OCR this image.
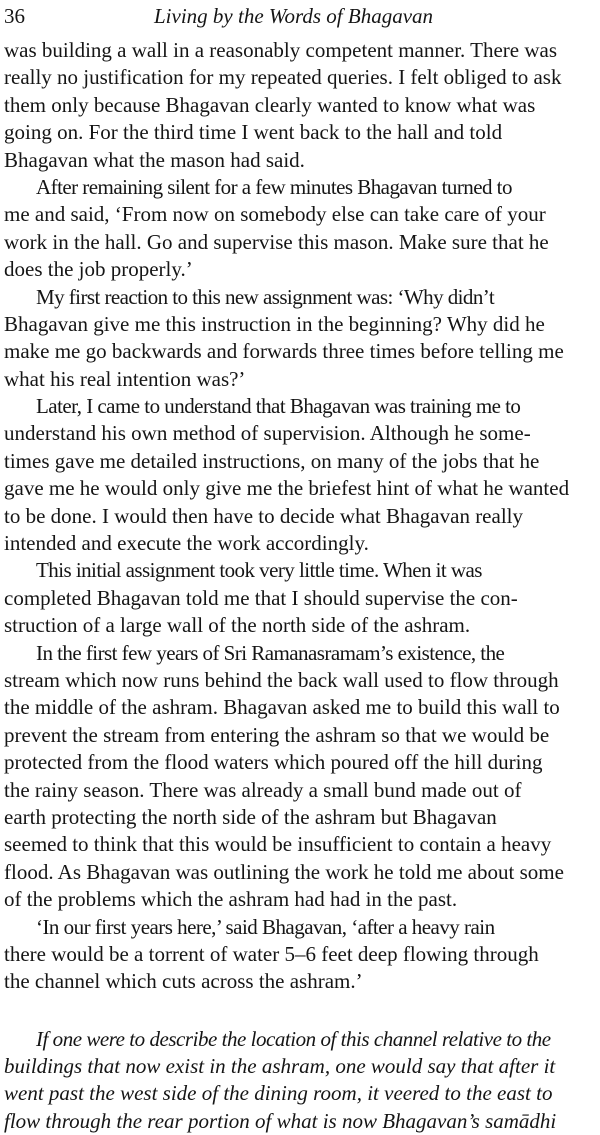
36	Living by the Words of Bhagavan
was building a wall in a reasonably competent manner. There was
really no justification for my repeated queries. I felt obliged to ask
them only because Bhagavan clearly wanted to know what was
going on. For the third time I went back to the hall and told
Bhagavan what the mason had said.
After remaining silent for a few minutes Bhagavan turned to
me and said, ‘From now on somebody else can take care of your
work in the hall. Go and supervise this mason. Make sure that he
does the job properly.’
My first reaction to this new assignment was: ‘Why didn’t
Bhagavan give me this instruction in the beginning? Why did he
make me go backwards and forwards three times before telling me
what his real intention was?’
Later, I came to understand that Bhagavan was training me to
understand his own method of supervision. Although he some-
times gave me detailed instructions, on many of the jobs that he
gave me he would only give me the briefest hint of what he wanted
to be done. I would then have to decide what Bhagavan really
intended and execute the work accordingly.
This initial assignment took very little time. When it was
completed Bhagavan told me that I should supervise the con-
struction of a large wall of the north side of the ashram.
In the first few years of Sri Ramanasramam’s existence, the
stream which now runs behind the back wall used to flow through
the middle of the ashram. Bhagavan asked me to build this wall to
prevent the stream from entering the ashram so that we would be
protected from the flood waters which poured off the hill during
the rainy season. There was already a small bund made out of
earth protecting the north side of the ashram but Bhagavan
seemed to think that this would be insufficient to contain a heavy
flood. As Bhagavan was outlining the work he told me about some
of the problems which the ashram had had in the past.
‘In our first years here,’ said Bhagavan, ‘after a heavy rain
there would be a torrent of water 5–6 feet deep flowing through
the channel which cuts across the ashram.’
If one were to describe the location of this channel relative to the
buildings that now exist in the ashram, one would say that after it
went past the west side of the dining room, it veered to the east to
flow through the rear portion of what is now Bhagavan’s samādhi
